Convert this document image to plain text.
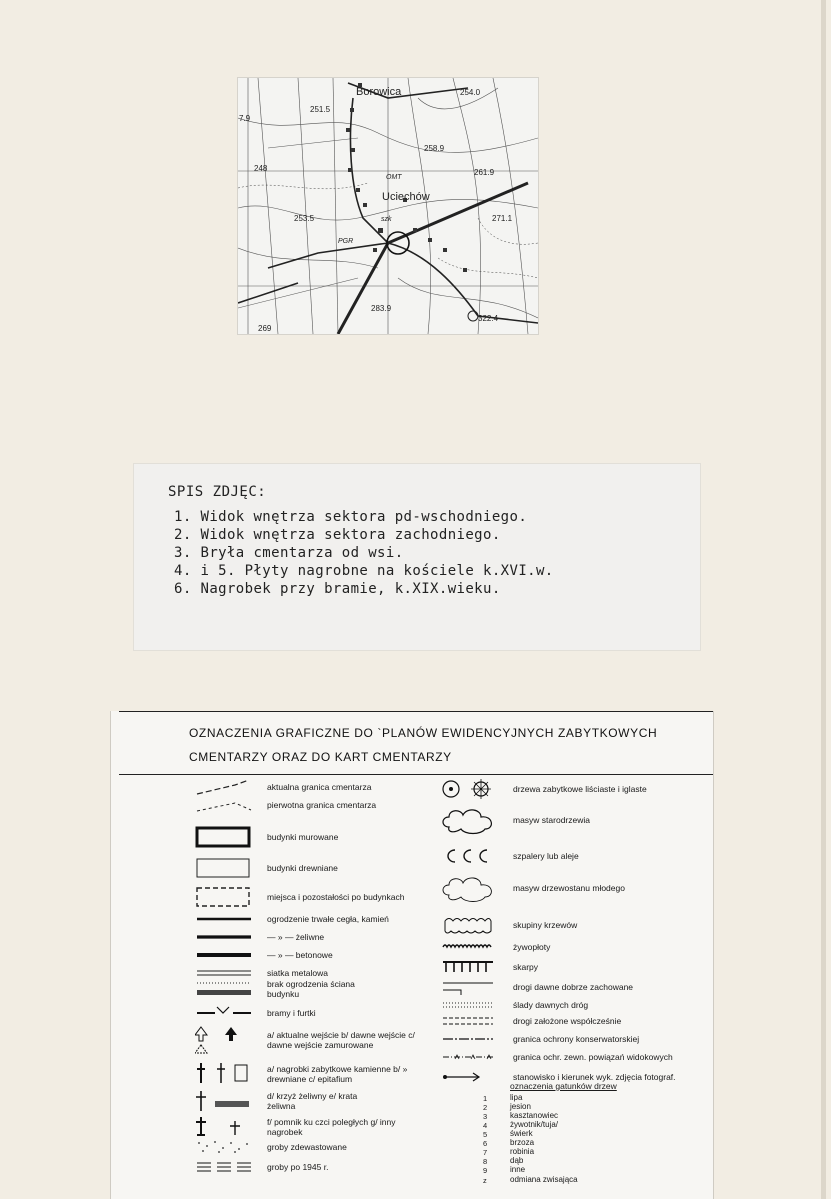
Borowica
Uciechów
251.5
254.0
258.9
261.9
253.5	271.1
283.9
322.4
269
7.9
248
OMT
PGR
szk
SPIS ZDJĘC:
1. Widok wnętrza sektora pd-wschodniego.
2. Widok wnętrza sektora zachodniego.
3. Bryła cmentarza od wsi.
4. i 5. Płyty nagrobne na kościele k.XVI.w.
6. Nagrobek przy bramie, k.XIX.wieku.
OZNACZENIA GRAFICZNE DO `PLANÓW EWIDENCYJNYCH ZABYTKOWYCH
CMENTARZY ORAZ DO KART CMENTARZY
aktualna granica cmentarza
pierwotna granica cmentarza
budynki murowane
budynki drewniane
miejsca i pozostałości po budynkach
ogrodzenie trwałe cegła, kamień
— » — żeliwne
— » — betonowe
siatka metalowa
brak ogrodzenia ściana budynku
bramy i furtki
a/ aktualne wejście b/ dawne wejście c/ dawne wejście zamurowane
a/ nagrobki zabytkowe kamienne b/ » drewniane c/ epitafium
d/ krzyż żeliwny e/ krata żeliwna
f/ pomnik ku czci poległych g/ inny nagrobek
groby zdewastowane
groby po 1945 r.
drzewa zabytkowe liściaste i iglaste
masyw starodrzewia
szpalery lub aleje
masyw drzewostanu młodego
skupiny krzewów
żywopłoty
skarpy
drogi dawne dobrze zachowane
ślady dawnych dróg
drogi założone współcześnie
granica ochrony konserwatorskiej
granica ochr. zewn. powiązań widokowych
stanowisko i kierunek wyk. zdjęcia fotograf.
oznaczenia gatunków drzew
1	lipa
2	jesion
3	kasztanowiec
4	żywotnik/tuja/
5	świerk
6	brzoza
7	robinia
8	dąb
9	inne
z	odmiana zwisająca
